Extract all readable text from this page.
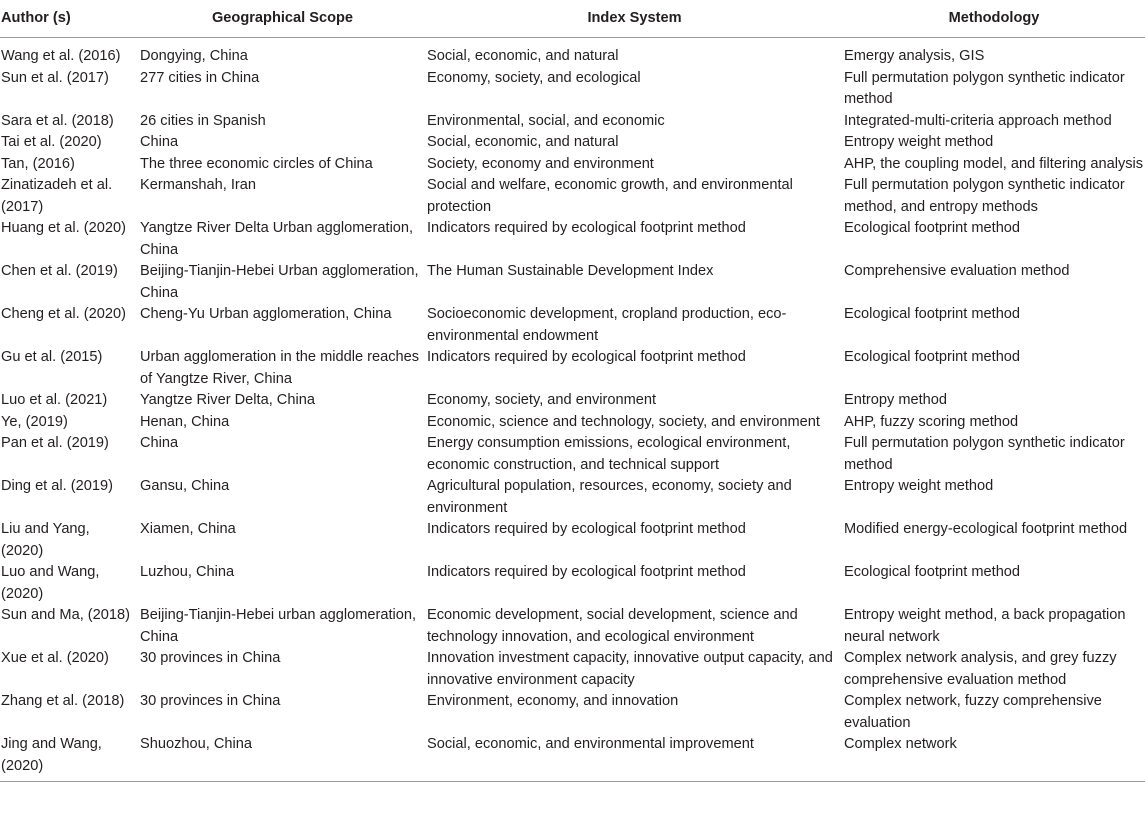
Author (s)	Geographical Scope	Index System	Methodology
Wang et al. (2016)	Dongying, China	Social, economic, and natural	Emergy analysis, GIS
Sun et al. (2017)	277 cities in China	Economy, society, and ecological	Full permutation polygon synthetic indicator method
Sara et al. (2018)	26 cities in Spanish	Environmental, social, and economic	Integrated-multi-criteria approach method
Tai et al. (2020)	China	Social, economic, and natural	Entropy weight method
Tan, (2016)	The three economic circles of China	Society, economy and environment	AHP, the coupling model, and filtering analysis
Zinatizadeh et al. (2017)	Kermanshah, Iran	Social and welfare, economic growth, and environmental protection	Full permutation polygon synthetic indicator method, and entropy methods
Huang et al. (2020)	Yangtze River Delta Urban agglomeration, China	Indicators required by ecological footprint method	Ecological footprint method
Chen et al. (2019)	Beijing-Tianjin-Hebei Urban agglomeration, China	The Human Sustainable Development Index	Comprehensive evaluation method
Cheng et al. (2020)	Cheng-Yu Urban agglomeration, China	Socioeconomic development, cropland production, eco-environmental endowment	Ecological footprint method
Gu et al. (2015)	Urban agglomeration in the middle reaches of Yangtze River, China	Indicators required by ecological footprint method	Ecological footprint method
Luo et al. (2021)	Yangtze River Delta, China	Economy, society, and environment	Entropy method
Ye, (2019)	Henan, China	Economic, science and technology, society, and environment	AHP, fuzzy scoring method
Pan et al. (2019)	China	Energy consumption emissions, ecological environment, economic construction, and technical support	Full permutation polygon synthetic indicator method
Ding et al. (2019)	Gansu, China	Agricultural population, resources, economy, society and environment	Entropy weight method
Liu and Yang, (2020)	Xiamen, China	Indicators required by ecological footprint method	Modified energy-ecological footprint method
Luo and Wang, (2020)	Luzhou, China	Indicators required by ecological footprint method	Ecological footprint method
Sun and Ma, (2018)	Beijing-Tianjin-Hebei urban agglomeration, China	Economic development, social development, science and technology innovation, and ecological environment	Entropy weight method, a back propagation neural network
Xue et al. (2020)	30 provinces in China	Innovation investment capacity, innovative output capacity, and innovative environment capacity	Complex network analysis, and grey fuzzy comprehensive evaluation method
Zhang et al. (2018)	30 provinces in China	Environment, economy, and innovation	Complex network, fuzzy comprehensive evaluation
Jing and Wang, (2020)	Shuozhou, China	Social, economic, and environmental improvement	Complex network
